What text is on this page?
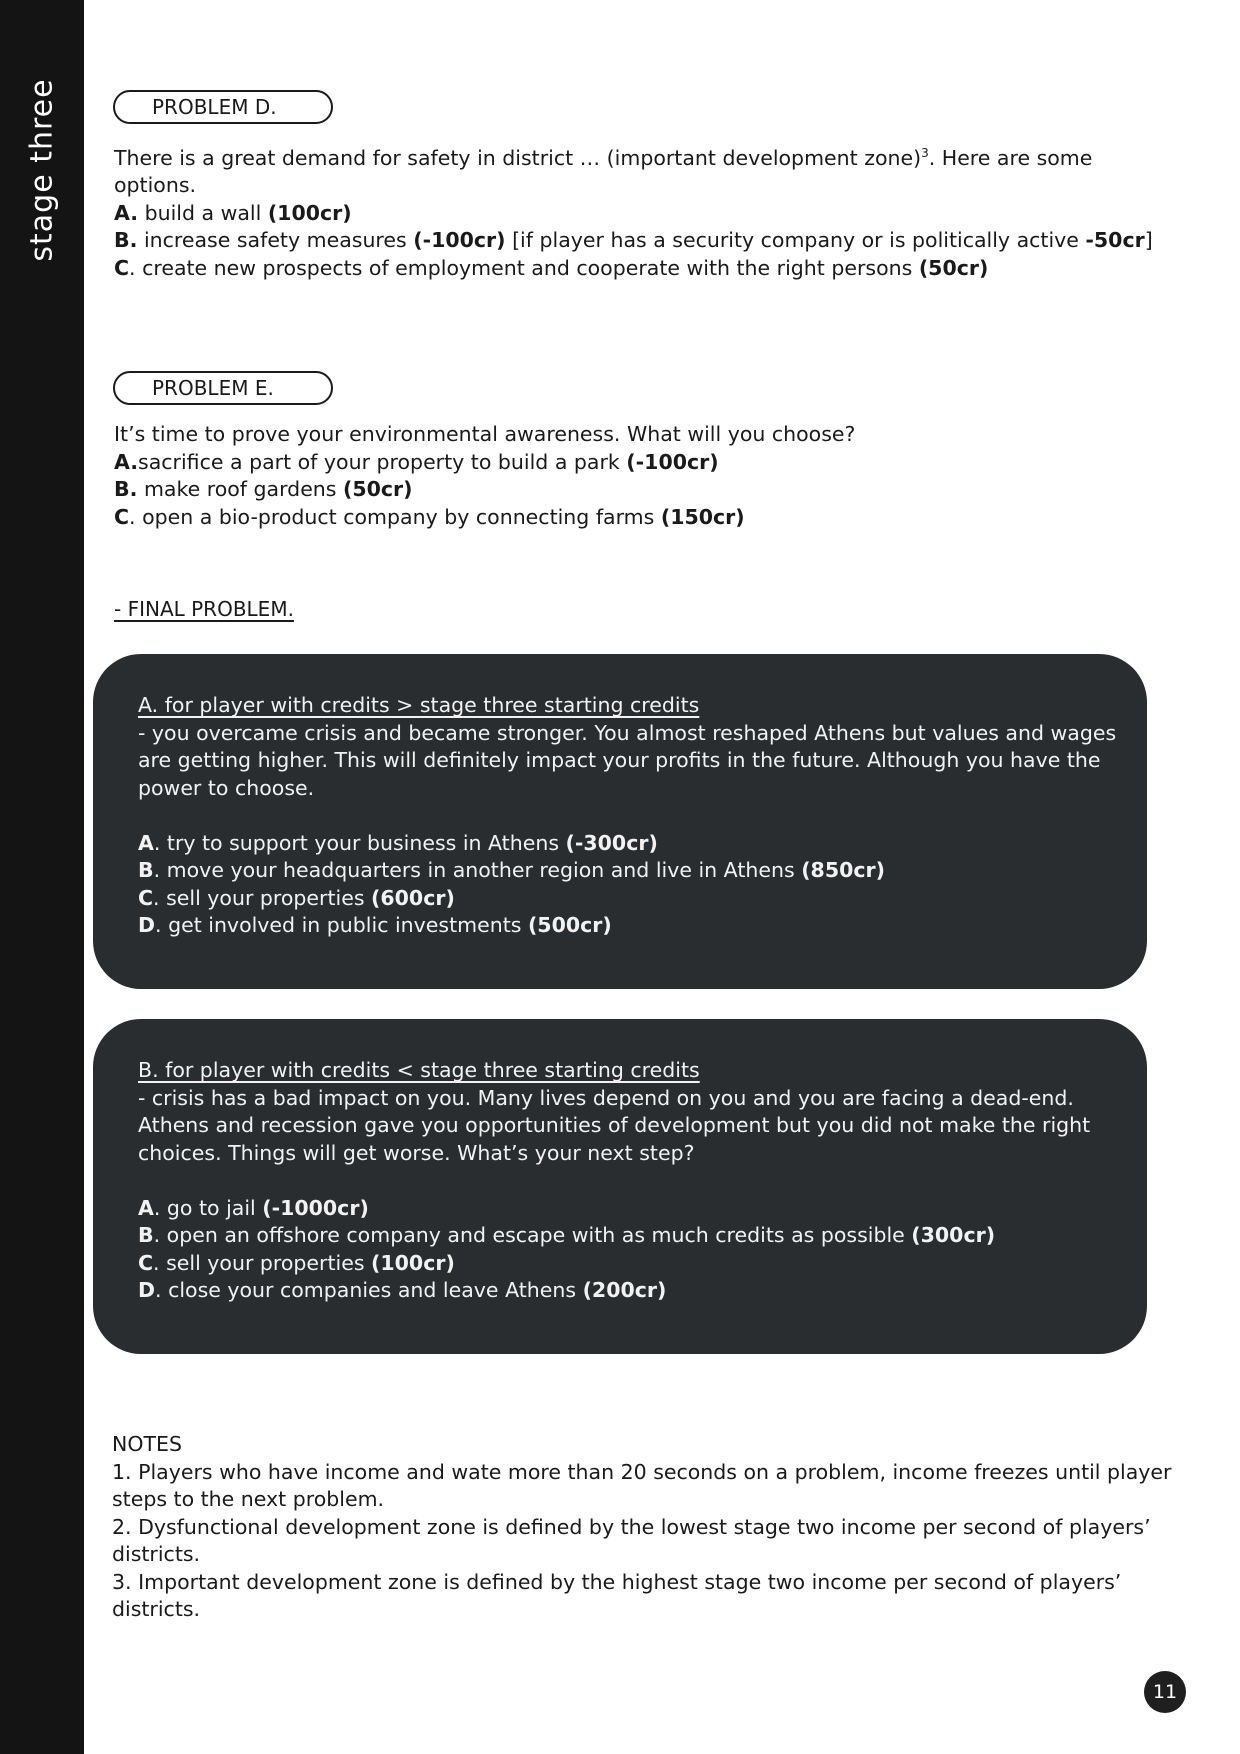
stage three	PROBLEM D.

There is a great demand for safety in district … (important development zone)$^3$. Here are some options.

A. build a wall (100cr)

B. increase safety measures (-100cr) [if player has a security company or is politically active -50cr]

C. create new prospects of employment and cooperate with the right persons (50cr)

PROBLEM E.

It’s time to prove your environmental awareness. What will you choose?

A.sacrifice a part of your property to build a park (-100cr)

B. make roof gardens (50cr)

C. open a bio-product company by connecting farms (150cr)

- FINAL PROBLEM.

A. for player with credits > stage three starting credits

- you overcame crisis and became stronger. You almost reshaped Athens but values and wages are getting higher. This will definitely impact your profits in the future. Although you have the power to choose.

A. try to support your business in Athens (-300cr)

B. move your headquarters in another region and live in Athens (850cr)

C. sell your properties (600cr)

D. get involved in public investments (500cr)

B. for player with credits < stage three starting credits

- crisis has a bad impact on you. Many lives depend on you and you are facing a dead-end. Athens and recession gave you opportunities of development but you did not make the right choices. Things will get worse. What’s your next step?

A. go to jail (-1000cr)

B. open an offshore company and escape with as much credits as possible (300cr)

C. sell your properties (100cr)

D. close your companies and leave Athens (200cr)

NOTES

1. Players who have income and wate more than 20 seconds on a problem, income freezes until player steps to the next problem.

2. Dysfunctional development zone is defined by the lowest stage two income per second of players’ districts.

3. Important development zone is defined by the highest stage two income per second of players’ districts.

11
